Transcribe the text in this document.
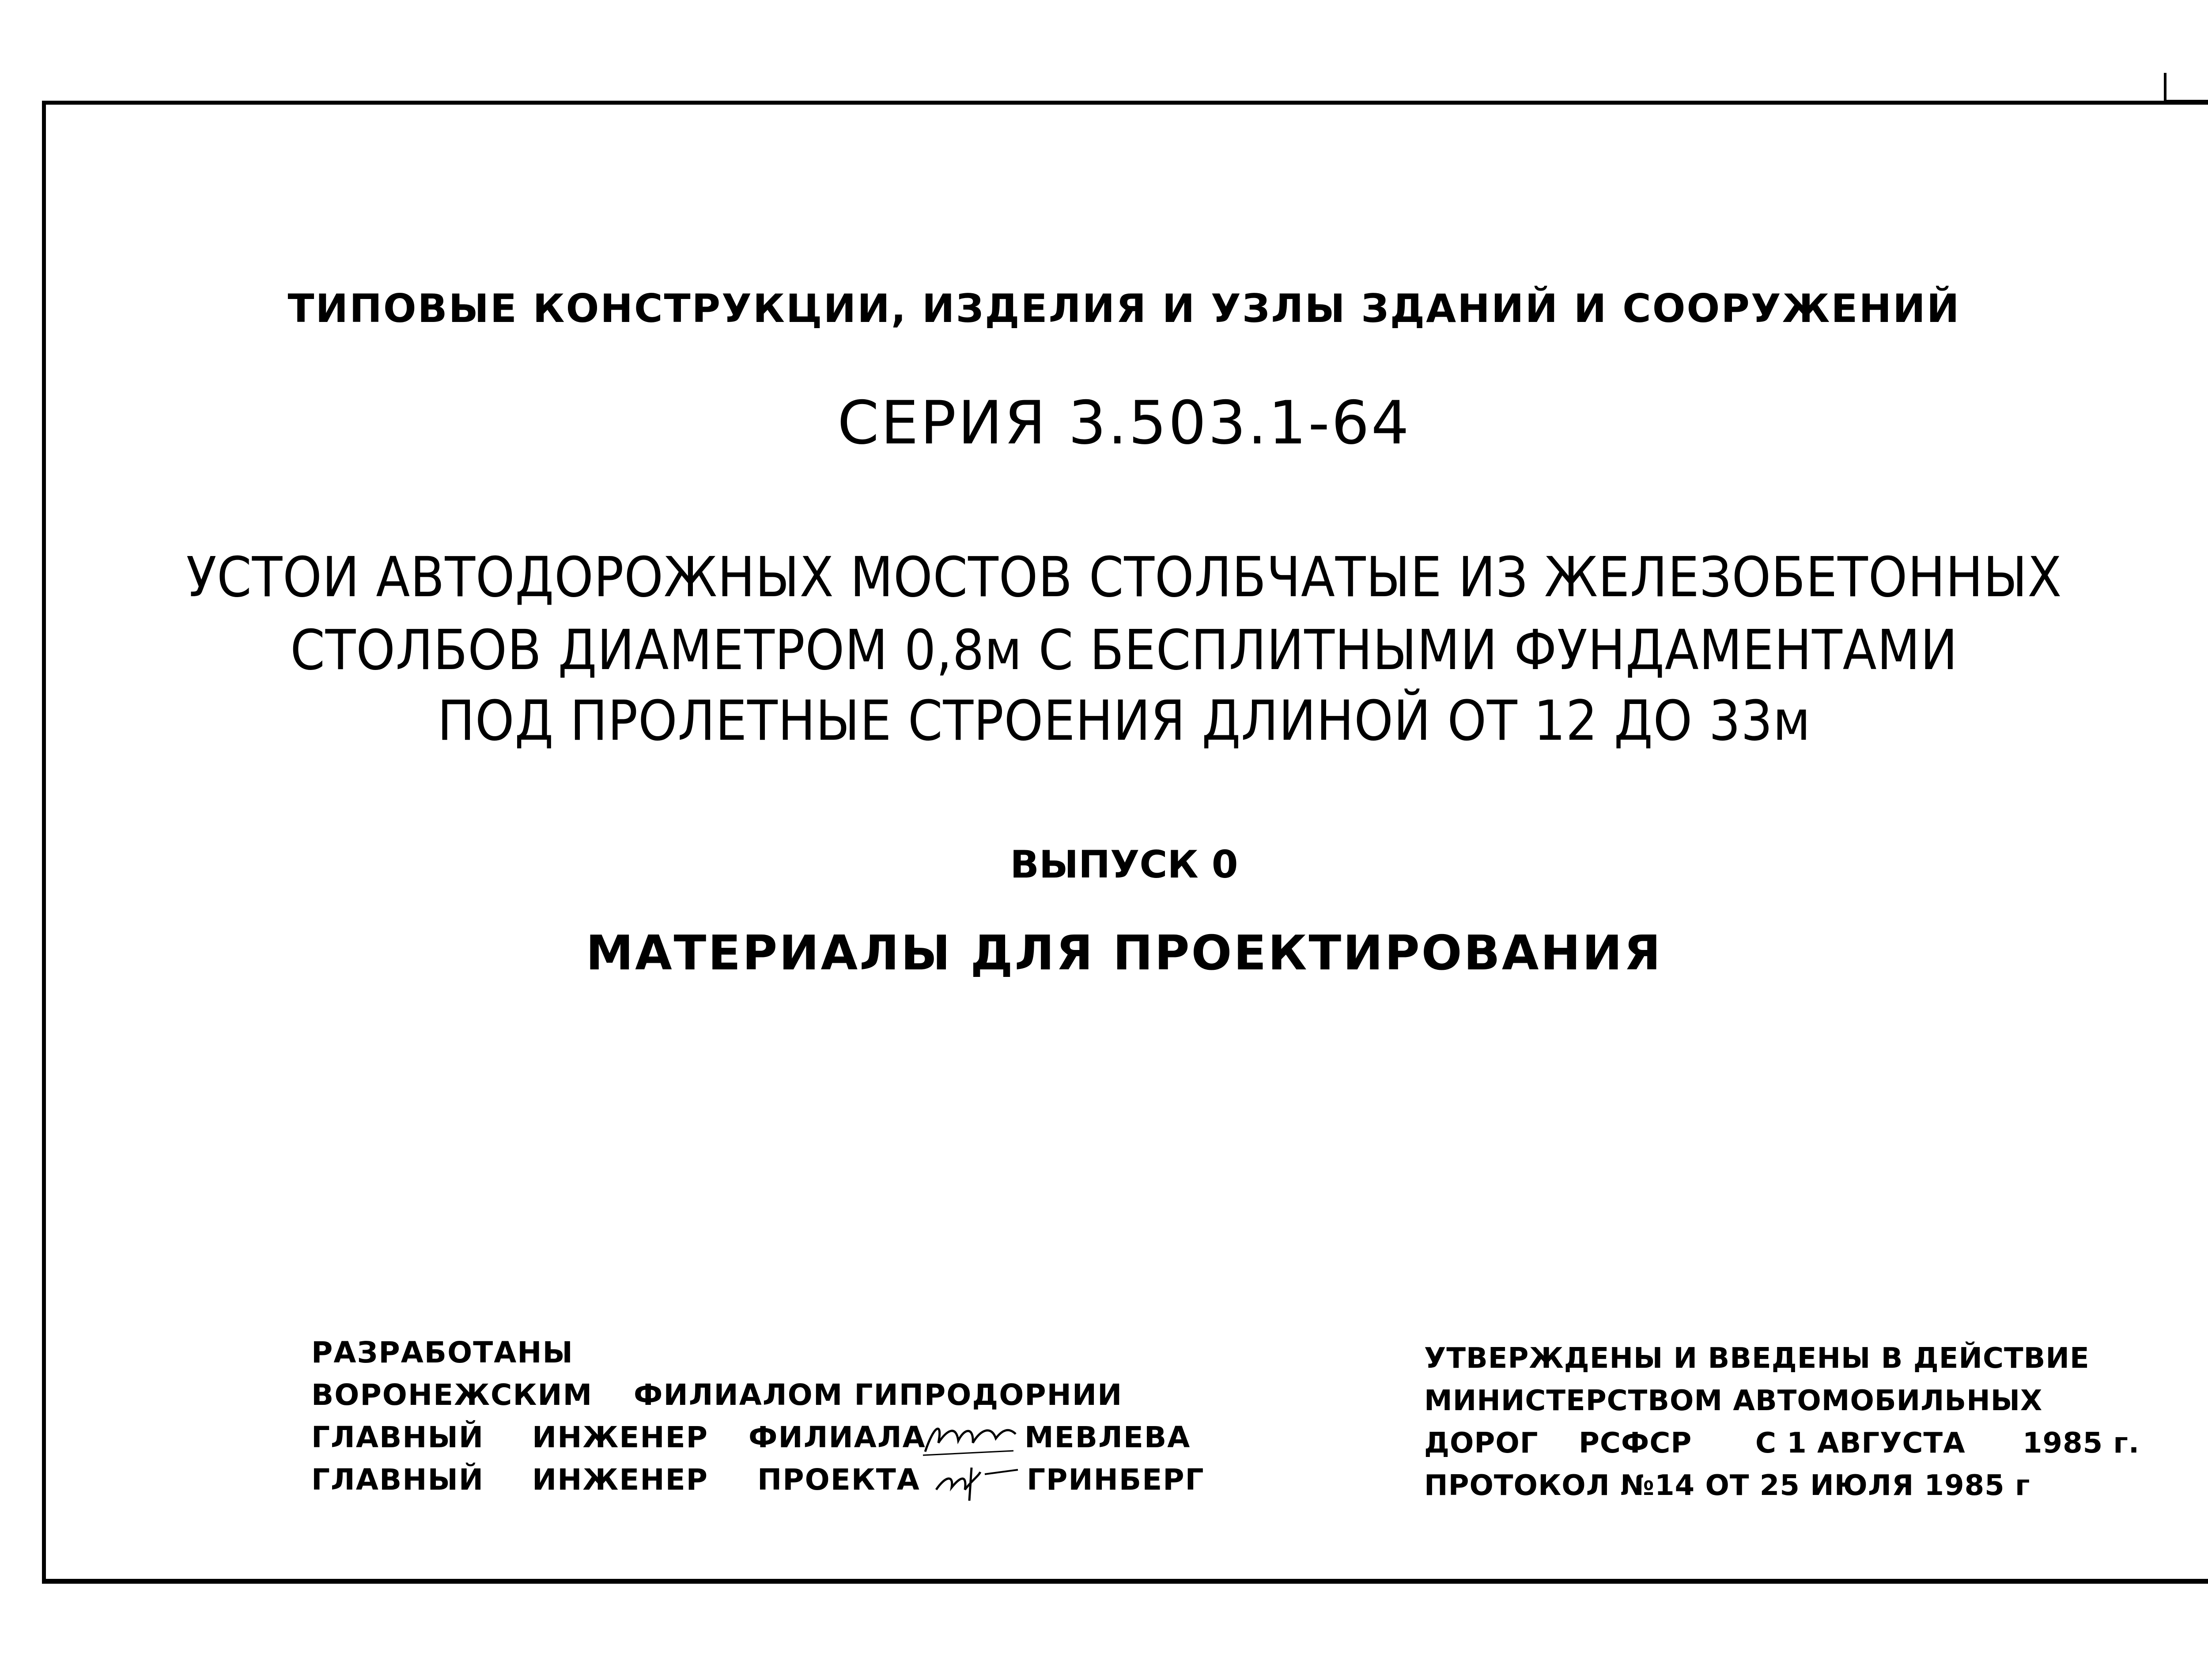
ТИПОВЫЕ КОНСТРУКЦИИ, ИЗДЕЛИЯ И УЗЛЫ ЗДАНИЙ И СООРУЖЕНИЙ
СЕРИЯ 3.503.1-64
УСТОИ АВТОДОРОЖНЫХ МОСТОВ СТОЛБЧАТЫЕ ИЗ ЖЕЛЕЗОБЕТОННЫХ
СТОЛБОВ ДИАМЕТРОМ 0,8м С БЕСПЛИТНЫМИ ФУНДАМЕНТАМИ
ПОД ПРОЛЕТНЫЕ СТРОЕНИЯ ДЛИНОЙ ОТ 12 ДО 33м
ВЫПУСК 0
МАТЕРИАЛЫ ДЛЯ ПРОЕКТИРОВАНИЯ
РАЗРАБОТАНЫ
ВОРОНЕЖСКИМ ФИЛИАЛОМ ГИПРОДОРНИИ
ГЛАВНЫЙ ИНЖЕНЕР ФИЛИАЛА	МЕВЛЕВА
ГЛАВНЫЙ ИНЖЕНЕР ПРОЕКТА	ГРИНБЕРГ
УТВЕРЖДЕНЫ И ВВЕДЕНЫ В ДЕЙСТВИЕ
МИНИСТЕРСТВОМ АВТОМОБИЛЬНЫХ
ДОРОГ РСФСР С 1 АВГУСТА 1985 г.
ПРОТОКОЛ №14 ОТ 25 ИЮЛЯ 1985 г
